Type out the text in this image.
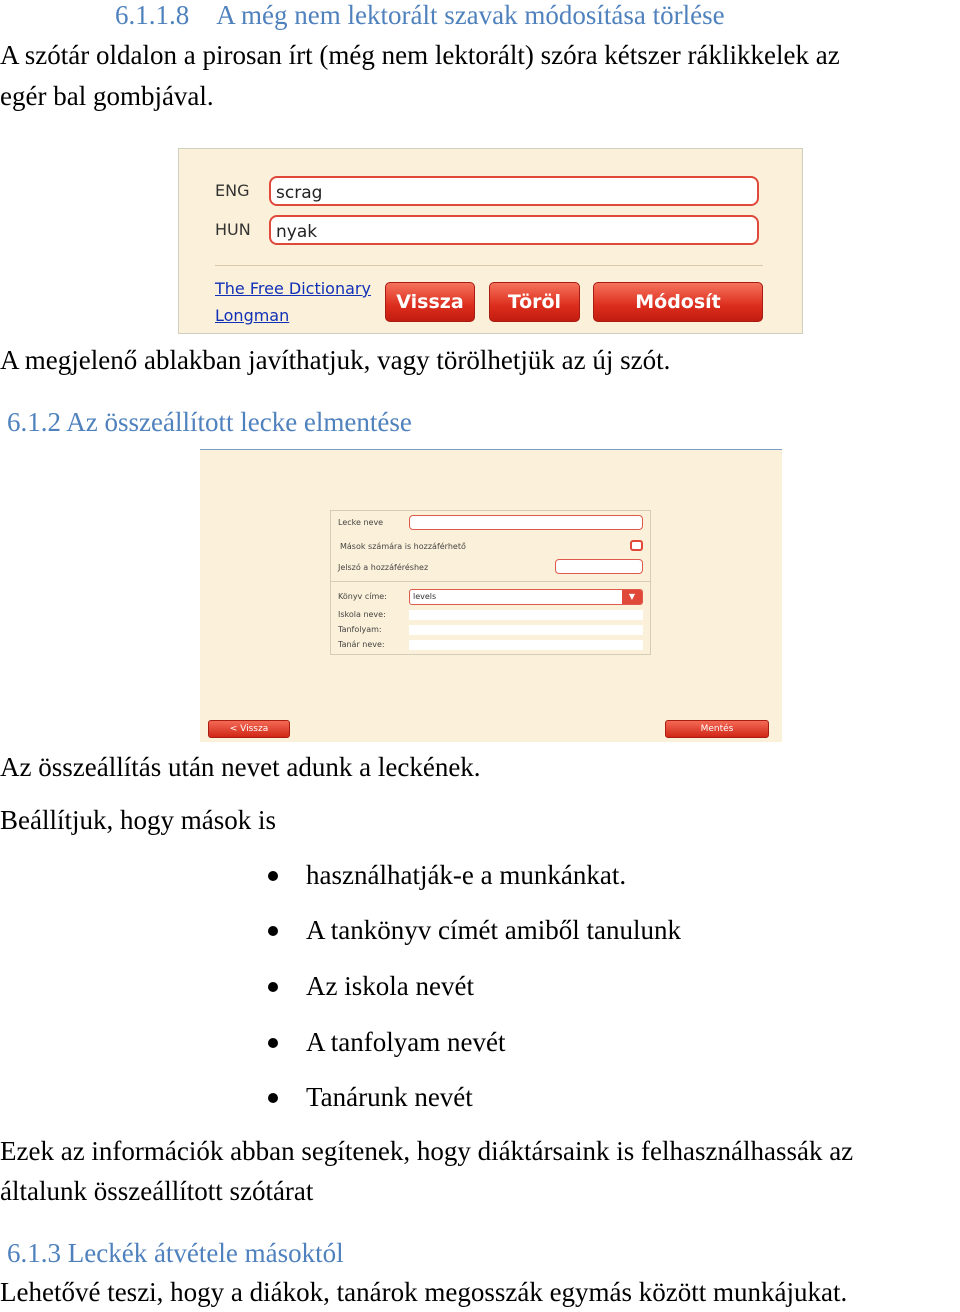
6.1.1.8 A még nem lektorált szavak módosítása törlése

A szótár oldalon a pirosan írt (még nem lektorált) szóra kétszer ráklikkelek az

egér bal gombjával.

ENG	scrag
HUN	nyak
The Free Dictionary
Longman
Vissza	Töröl	Módosít

A megjelenő ablakban javíthatjuk, vagy törölhetjük az új szót.

6.1.2 Az összeállított lecke elmentése
Lecke neve
Mások számára is hozzáférhető
Jelszó a hozzáféréshez
Könyv címe:	levels	▼
Iskola neve:
Tanfolyam:
Tanár neve:
< Vissza	Mentés

Az összeállítás után nevet adunk a leckének.

Beállítjuk, hogy mások is

használhatják-e a munkánkat.

A tankönyv címét amiből tanulunk

Az iskola nevét

A tanfolyam nevét

Tanárunk nevét

Ezek az információk abban segítenek, hogy diáktársaink is felhasználhassák az

általunk összeállított szótárat

6.1.3 Leckék átvétele másoktól

Lehetővé teszi, hogy a diákok, tanárok megosszák egymás között munkájukat.
